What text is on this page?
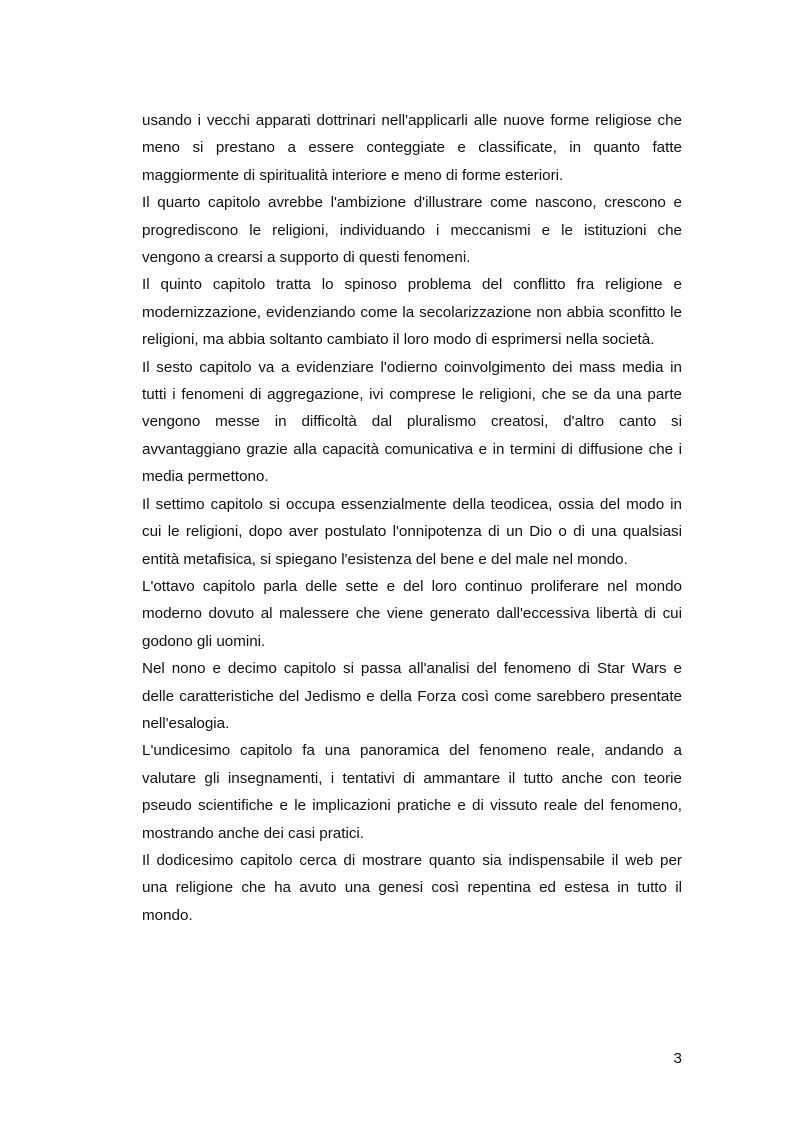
usando i vecchi apparati dottrinari nell'applicarli alle nuove forme religiose che meno si prestano a essere conteggiate e classificate, in quanto fatte maggiormente di spiritualità interiore e meno di forme esteriori.

Il quarto capitolo avrebbe l'ambizione d'illustrare come nascono, crescono e progrediscono le religioni, individuando i meccanismi e le istituzioni che vengono a crearsi a supporto di questi fenomeni.

Il quinto capitolo tratta lo spinoso problema del conflitto fra religione e modernizzazione, evidenziando come la secolarizzazione non abbia sconfitto le religioni, ma abbia soltanto cambiato il loro modo di esprimersi nella società.

Il sesto capitolo va a evidenziare l'odierno coinvolgimento dei mass media in tutti i fenomeni di aggregazione, ivi comprese le religioni, che se da una parte vengono messe in difficoltà dal pluralismo creatosi, d'altro canto si avvantaggiano grazie alla capacità comunicativa e in termini di diffusione che i media permettono.

Il settimo capitolo si occupa essenzialmente della teodicea, ossia del modo in cui le religioni, dopo aver postulato l'onnipotenza di un Dio o di una qualsiasi entità metafisica, si spiegano l'esistenza del bene e del male nel mondo.

L'ottavo capitolo parla delle sette e del loro continuo proliferare nel mondo moderno dovuto al malessere che viene generato dall'eccessiva libertà di cui godono gli uomini.

Nel nono e decimo capitolo si passa all'analisi del fenomeno di Star Wars e delle caratteristiche del Jedismo e della Forza così come sarebbero presentate nell'esalogia.

L'undicesimo capitolo fa una panoramica del fenomeno reale, andando a valutare gli insegnamenti, i tentativi di ammantare il tutto anche con teorie pseudo scientifiche e le implicazioni pratiche e di vissuto reale del fenomeno, mostrando anche dei casi pratici.

Il dodicesimo capitolo cerca di mostrare quanto sia indispensabile il web per una religione che ha avuto una genesi così repentina ed estesa in tutto il mondo.

3
